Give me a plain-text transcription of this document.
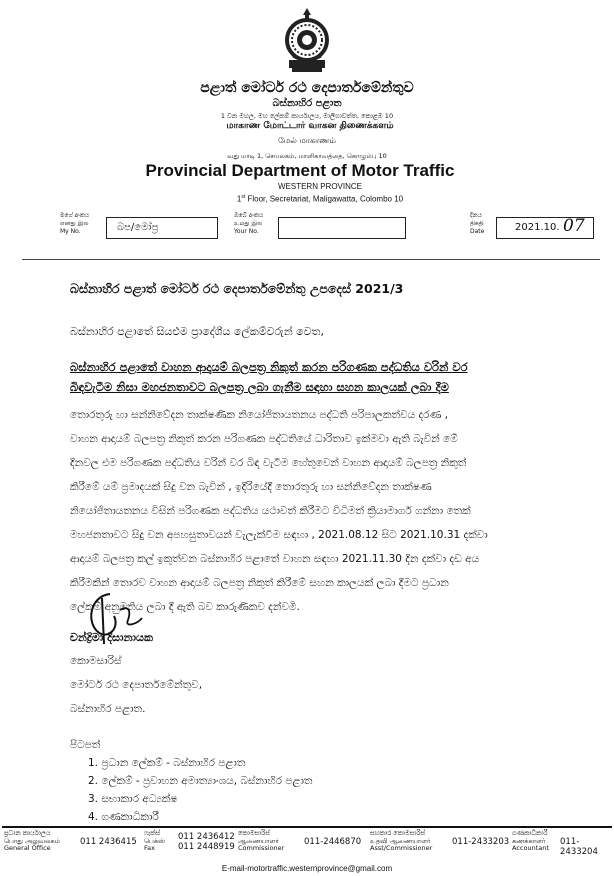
පළාත් මෝටර් රථ දෙපාර්තමේන්තුව
බස්නාහිර පළාත
1 වන මහල, මහ ලේකම් කාර්යාලය, මාලිගාවත්ත, කොළඹ 10
மாகாண மோட்டார் வாகன திணைக்களம்
மேல் மாகாணம்
வது மாடி 1, செயலகம், மாளிகாவத்தை, கொழும்பு 10
Provincial Department of Motor Traffic
WESTERN PROVINCE
1st Floor, Secretariat, Maligawatta, Colombo 10
මගේ අංකය
எனது இல
My No.	බප/මෝප්‍ර
ඔබේ අංකය
உமது இல
Your No.
දිනය
திகதி
Date	2021.10. 07
බස්නාහිර පළාත් මෝටර් රථ දෙපාර්තමේන්තු උපදෙස් 2021/3
බස්නාහිර පළාතේ සියළුම ප්‍රාදේශීය ලේකම්වරුන් වෙත,
බස්නාහිර පළාතේ වාහන ආදායම් බලපත්‍ර නිකුත් කරන පරිගණක පද්ධතිය වරින් වර
බිඳවැටීම නිසා මහජනතාවට බලපත්‍ර ලබා ගැනීම සඳහා සහන කාලයක් ලබා දීම
තොරතුරු හා සන්නිවේදන තාක්ෂණික නියෝජිතායතනය පද්ධති පරිපාලකත්වය දරණ ,
වාහන ආදායම් බලපත්‍ර නිකුත් කරන පරිගණක පද්ධතියේ ධාරිතාව ඉක්මවා ඇති බැවින් මේ
දිනවල එම පරිගණක පද්ධතිය වරින් වර බිඳ වැටීම හේතුවෙන් වාහන ආදායම් බලපත්‍ර නිකුත්
කිරීමේ යම් ප්‍රමාදයක් සිදු වන බැවින් , ඉදිරියේදී තොරතුරු හා සන්නිවේදන තාක්ෂණ
නියෝජිතායතනය විසින් පරිගණක පද්ධතිය යථාවත් කිරීමට විධිමත් ක්‍රියාමාර්ග ගන්නා තෙක්
මහජනතාවට සිදු වන අපහසුතාවයන් වැලැක්වීම සඳහා , 2021.08.12 සිට 2021.10.31 දක්වා
ආදායම් බලපත්‍ර කල් ඉකුත්වන බස්නාහිර පළාතේ වාහන සඳහා 2021.11.30 දින දක්වා දඩ අය
කිරීමකින් තොරව වාහන ආදායම් බලපත්‍ර නිකුත් කිරීමේ සහන කාලයක් ලබා දීමට ප්‍රධාන
ලේකම් අනුමතිය ලබා දී ඇති බව කාරුණිකව දන්වමි.
චන්ද්‍රිමා දිසානායක
කොමසාරිස්
මෝටර් රථ දෙපාර්තමේන්තුව,
බස්නාහිර පළාත.
පිටපත්
1. ප්‍රධාන ලේකම් - බස්නාහිර පළාත
2. ලේකම් - ප්‍රවාහන අමාත්‍යාංශය, බස්නාහිර පළාත
3. සභාකාර අධ්‍යක්ෂ
4. ගණකාධිකාරී
ප්‍රධාන කාර්යාලය
பொது அலுவலகம்
General Office
011 2436415
ෆැක්ස්
பெக்ஸ்
Fax
011 2436412
011 2448919
කොමසාරිස්
ஆணையாளர்
Commissioner
011-2446870
සහකාර කොමසාරිස්
உதவி ஆணையாளர்
Asst/Commissioner
011-2433203
ගණකාධිකාරී
கணக்காளர்
Accountant
011-2433204
E-mail-motortraffic.westernprovince@gmail.com
